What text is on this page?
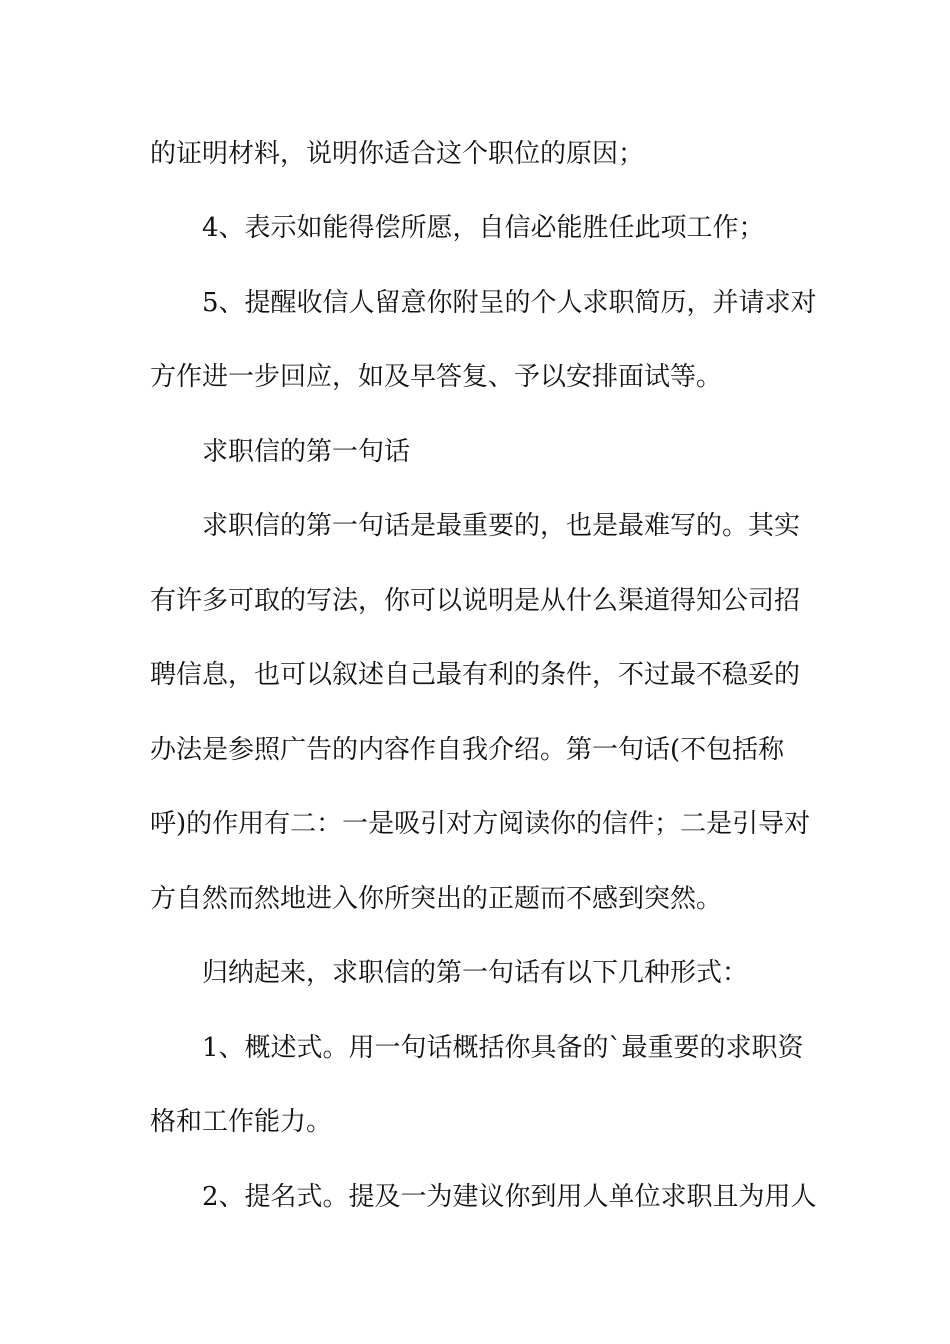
的证明材料，说明你适合这个职位的原因；
4、表示如能得偿所愿，自信必能胜任此项工作；
5、提醒收信人留意你附呈的个人求职简历，并请求对
方作进一步回应，如及早答复、予以安排面试等。
求职信的第一句话
求职信的第一句话是最重要的，也是最难写的。其实
有许多可取的写法，你可以说明是从什么渠道得知公司招
聘信息，也可以叙述自己最有利的条件，不过最不稳妥的
办法是参照广告的内容作自我介绍。第一句话(不包括称
呼)的作用有二：一是吸引对方阅读你的信件；二是引导对
方自然而然地进入你所突出的正题而不感到突然。
归纳起来，求职信的第一句话有以下几种形式：
1、概述式。用一句话概括你具备的`最重要的求职资
格和工作能力。
2、提名式。提及一为建议你到用人单位求职且为用人
